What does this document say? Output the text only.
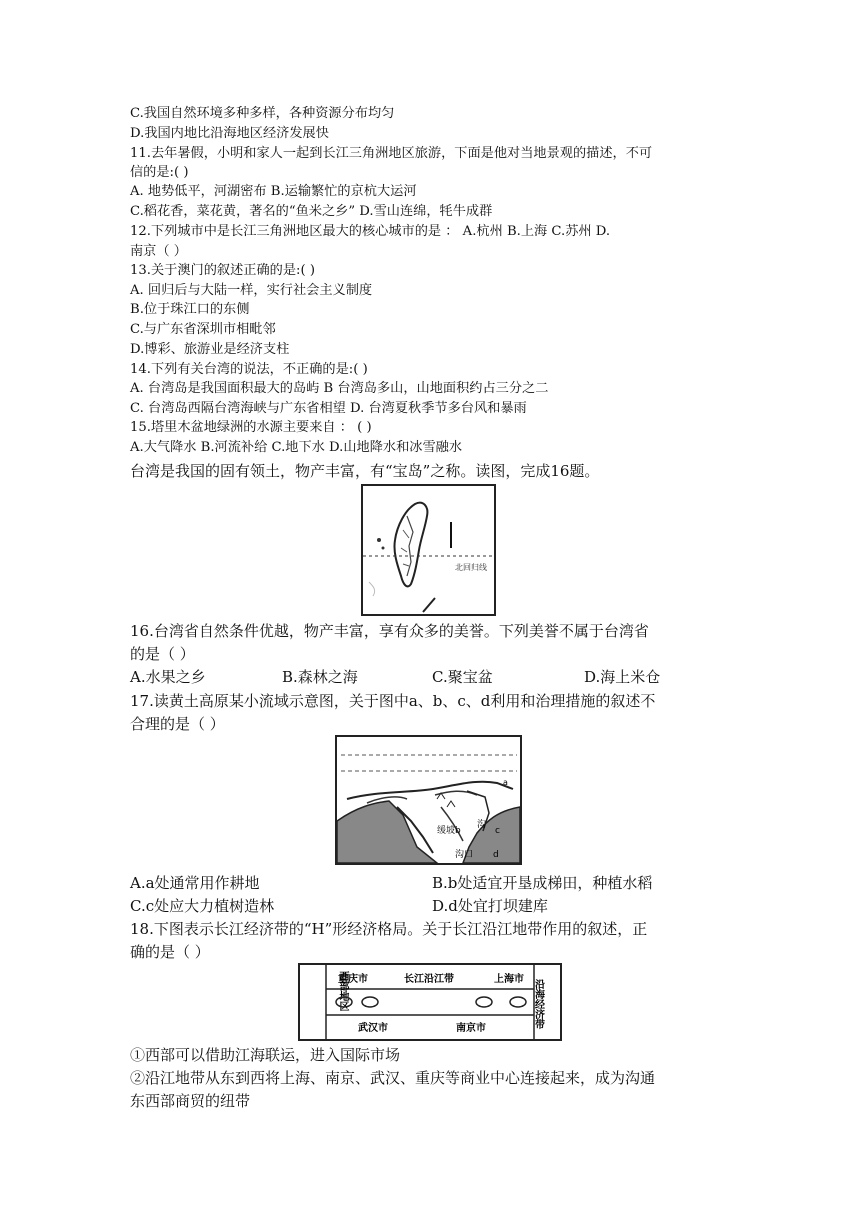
C.我国自然环境多种多样，各种资源分布均匀
D.我国内地比沿海地区经济发展快
11.去年暑假，小明和家人一起到长江三角洲地区旅游，下面是他对当地景观的描述，不可
信的是:( )
A. 地势低平，河湖密布 B.运输繁忙的京杭大运河
C.稻花香，菜花黄，著名的“鱼米之乡” D.雪山连绵，牦牛成群
12.下列城市中是长江三角洲地区最大的核心城市的是 ： A.杭州 B.上海 C.苏州 D.
南京（ ）
13.关于澳门的叙述正确的是:( )
A. 回归后与大陆一样，实行社会主义制度
B.位于珠江口的东侧
C.与广东省深圳市相毗邻
D.博彩、旅游业是经济支柱
14.下列有关台湾的说法，不正确的是:( )
A. 台湾岛是我国面积最大的岛屿 B 台湾岛多山，山地面积约占三分之二
C. 台湾岛西隔台湾海峡与广东省相望 D. 台湾夏秋季节多台风和暴雨
15.塔里木盆地绿洲的水源主要来自 ： ( )
A.大气降水 B.河流补给 C.地下水 D.山地降水和冰雪融水
台湾是我国的固有领土，物产丰富，有“宝岛”之称。读图，完成16题。
北回归线
16.台湾省自然条件优越，物产丰富，享有众多的美誉。下列美誉不属于台湾省
的是（ ）
A.水果之乡	B.森林之海	C.聚宝盆	D.海上米仓
17.读黄土高原某小流域示意图，关于图中a、b、c、d利用和治理措施的叙述不
合理的是（ ）
a
缓坡b
沟
c
沟口 d
A.a处通常用作耕地	B.b处适宜开垦成梯田，种植水稻
C.c处应大力植树造林	D.d处宜打坝建库
18.下图表示长江经济带的“H”形经济格局。关于长江沿江地带作用的叙述，正
确的是（ ）
西部地区
沿海经济带
重庆市	长江沿江带	上海市
武汉市	南京市
①西部可以借助江海联运，进入国际市场
②沿江地带从东到西将上海、南京、武汉、重庆等商业中心连接起来，成为沟通
东西部商贸的纽带
